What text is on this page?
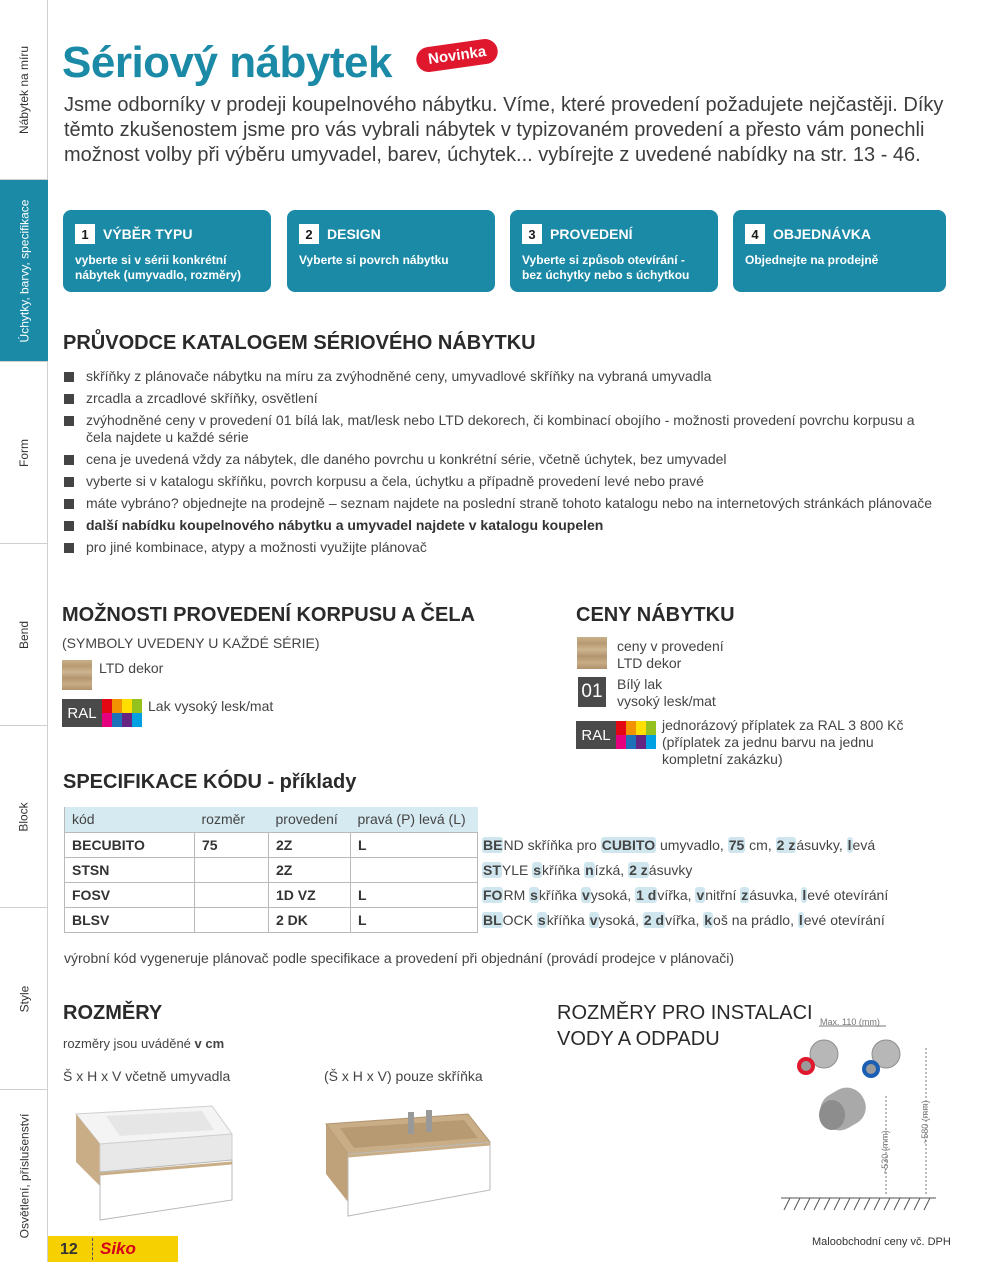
Nábytek na míru
Úchytky, barvy, specifikace
Form
Bend
Block
Style
Osvětlení, příslušenství
Sériový nábytek	Novinka

Jsme odborníky v prodeji koupelnového nábytku. Víme, které provedení požadujete nejčastěji. Díky těmto zkušenostem jsme pro vás vybrali nábytek v typizovaném provedení a přesto vám ponechli možnost volby při výběru umyvadel, barev, úchytek... vybírejte z uvedené nabídky na str. 13 - 46.

1	VÝBĚR TYPU
vyberte si v sérii konkrétní nábytek (umyvadlo, rozměry)
2	DESIGN
Vyberte si povrch nábytku
3	PROVEDENÍ
Vyberte si způsob otevírání - bez úchytky nebo s úchytkou
4	OBJEDNÁVKA
Objednejte na prodejně
PRŮVODCE KATALOGEM SÉRIOVÉHO NÁBYTKU
skříňky z plánovače nábytku na míru za zvýhodněné ceny, umyvadlové skříňky na vybraná umyvadla
zrcadla a zrcadlové skříňky, osvětlení
zvýhodněné ceny v provedení 01 bílá lak, mat/lesk nebo LTD dekorech, či kombinací obojího - možnosti provedení povrchu korpusu a čela najdete u každé série
cena je uvedená vždy za nábytek, dle daného povrchu u konkrétní série, včetně úchytek, bez umyvadel
vyberte si v katalogu skříňku, povrch korpusu a čela, úchytku a případně provedení levé nebo pravé
máte vybráno? objednejte na prodejně – seznam najdete na poslední straně tohoto katalogu nebo na internetových stránkách plánovače
další nabídku koupelnového nábytku a umyvadel najdete v katalogu koupelen
pro jiné kombinace, atypy a možnosti využijte plánovač
MOŽNOSTI PROVEDENÍ KORPUSU A ČELA
(SYMBOLY UVEDENY U KAŽDÉ SÉRIE)
LTD dekor
RAL	Lak vysoký lesk/mat
CENY NÁBYTKU
ceny v provedení
LTD dekor
01 Bílý lak
vysoký lesk/mat
RAL
jednorázový příplatek za RAL 3 800 Kč
(příplatek za jednu barvu na jednu
kompletní zakázku)
SPECIFIKACE KÓDU - příklady
kód	rozměr	provedení	pravá (P) levá (L)
BECUBITO	75	2Z	L
STSN		2Z	
FOSV		1D VZ	L
BLSV		2 DK	L
BEND skříňka pro CUBITO umyvadlo, 75 cm, 2 zásuvky, levá
STYLE skříňka nízká, 2 zásuvky
FORM skříňka vysoká, 1 dvířka, vnitřní zásuvka, levé otevírání
BLOCK skříňka vysoká, 2 dvířka, koš na prádlo, levé otevírání
výrobní kód vygeneruje plánovač podle specifikace a provedení při objednání (provádí prodejce v plánovači)
ROZMĚRY
rozměry jsou uváděné v cm
Š x H x V včetně umyvadla	(Š x H x V) pouze skříňka
ROZMĚRY PRO INSTALACI
VODY A ODPADU
Max. 110 (mm)
~530 (mm)
~580 (mm)
12 Siko	Maloobchodní ceny vč. DPH
